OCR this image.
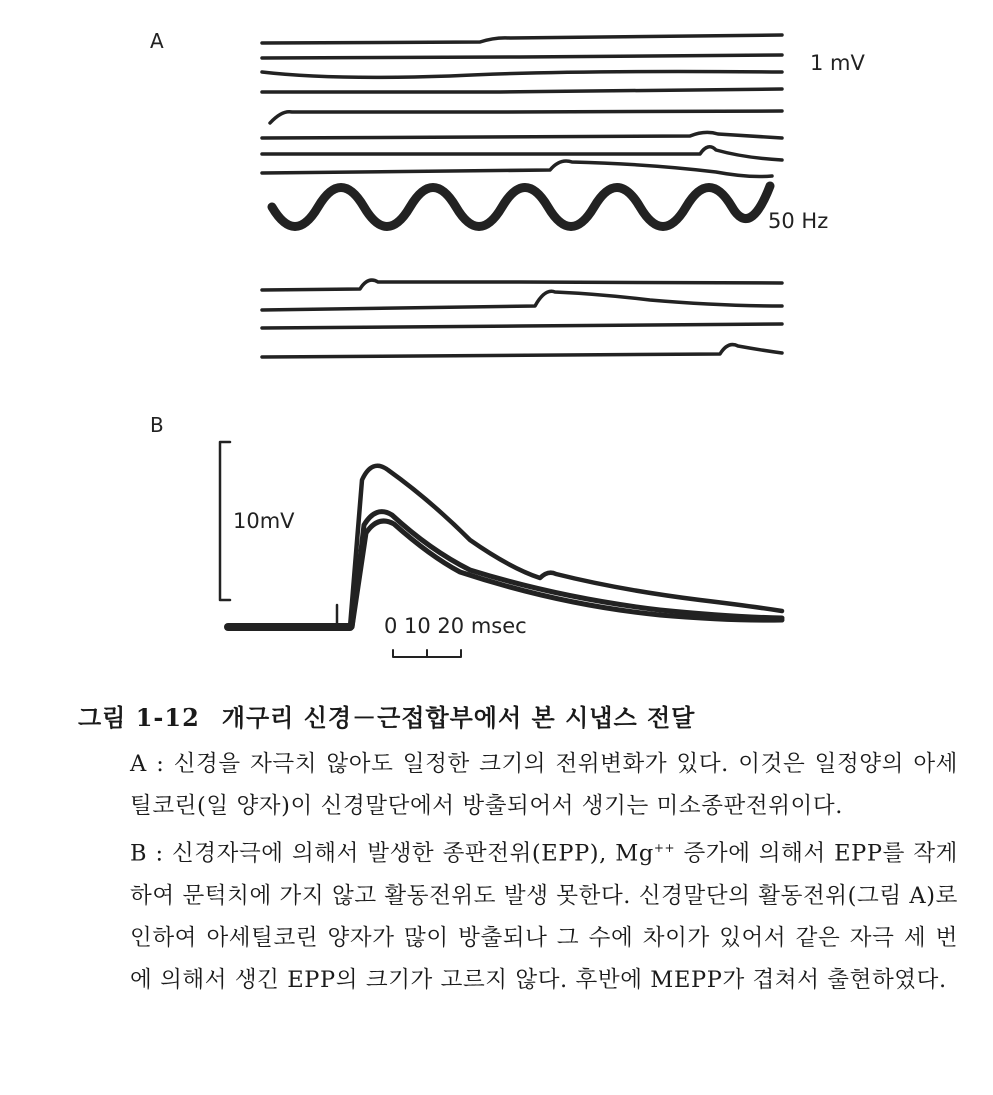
A
1 mV
50 Hz
B
10mV
0 10 20 msec
그림 1-12 개구리 신경－근접합부에서 본 시냅스 전달
A : 신경을 자극치 않아도 일정한 크기의 전위변화가 있다. 이것은 일정양의 아세틸코린(일 양자)이 신경말단에서 방출되어서 생기는 미소종판전위이다.
B : 신경자극에 의해서 발생한 종판전위(EPP), Mg++ 증가에 의해서 EPP를 작게 하여 문턱치에 가지 않고 활동전위도 발생 못한다. 신경말단의 활동전위(그림 A)로 인하여 아세틸코린 양자가 많이 방출되나 그 수에 차이가 있어서 같은 자극 세 번에 의해서 생긴 EPP의 크기가 고르지 않다. 후반에 MEPP가 겹쳐서 출현하였다.
